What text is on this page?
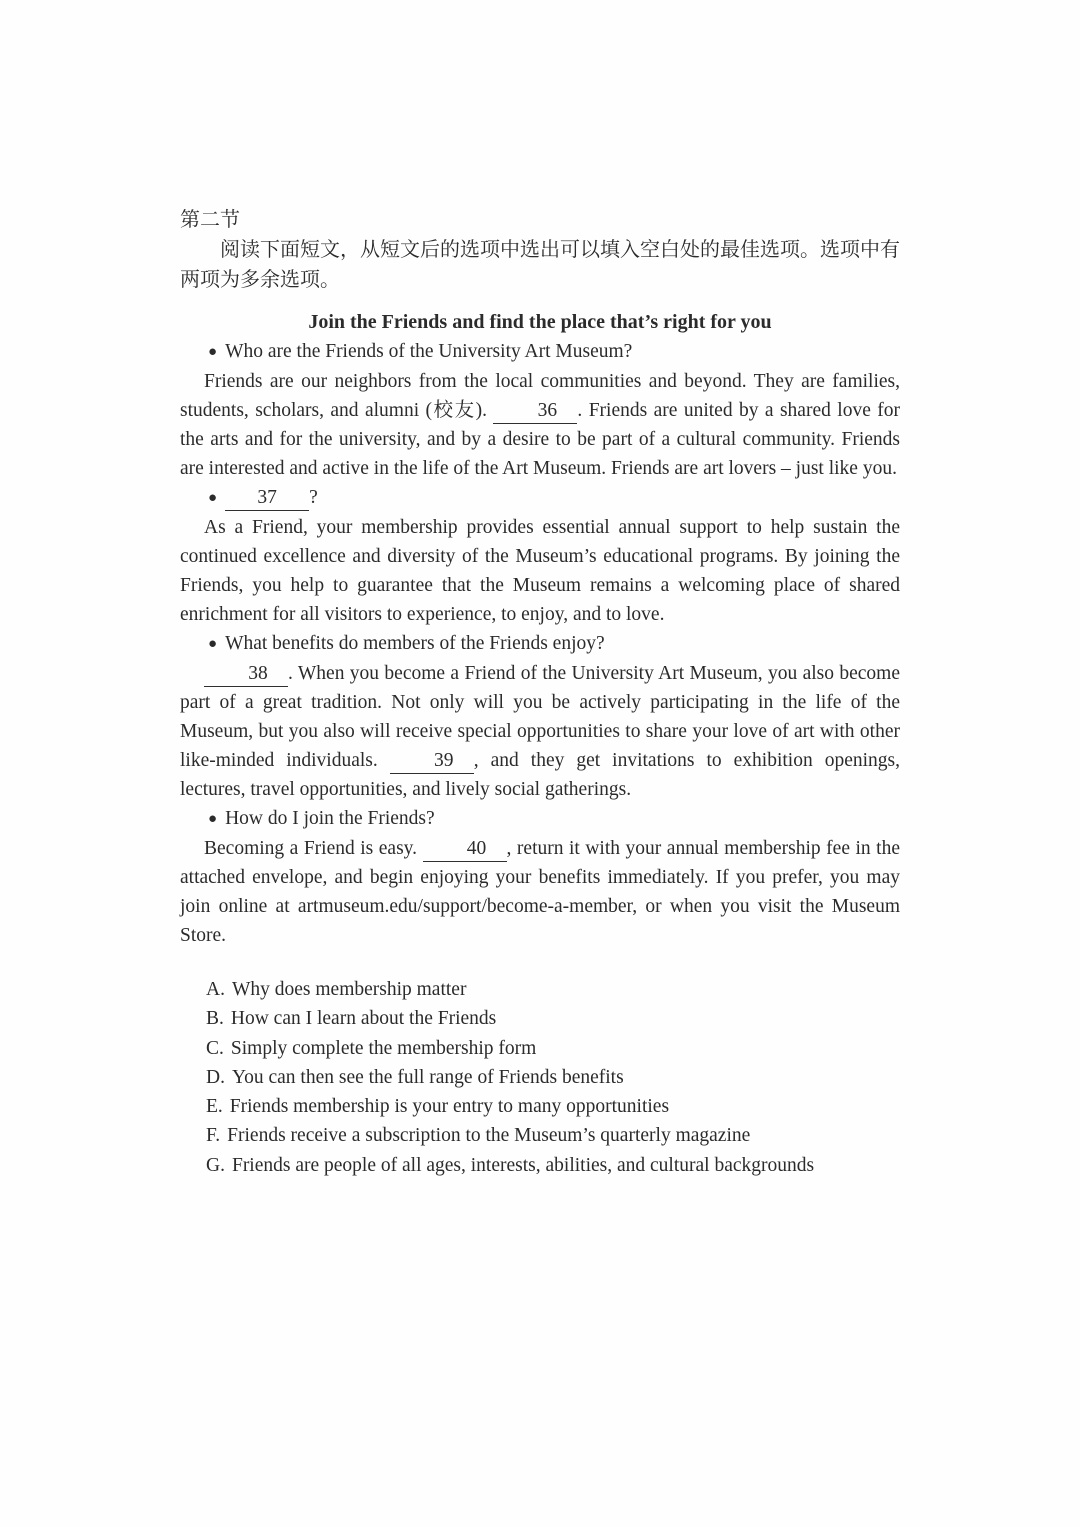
第二节

阅读下面短文，从短文后的选项中选出可以填入空白处的最佳选项。选项中有两项为多余选项。

Join the Friends and find the place that’s right for you

● Who are the Friends of the University Art Museum?

Friends are our neighbors from the local communities and beyond. They are families, students, scholars, and alumni (校友). 36 . Friends are united by a shared love for the arts and for the university, and by a desire to be part of a cultural community. Friends are interested and active in the life of the Art Museum. Friends are art lovers – just like you.

● 37 ?

As a Friend, your membership provides essential annual support to help sustain the continued excellence and diversity of the Museum’s educational programs. By joining the Friends, you help to guarantee that the Museum remains a welcoming place of shared enrichment for all visitors to experience, to enjoy, and to love.

● What benefits do members of the Friends enjoy?

38 . When you become a Friend of the University Art Museum, you also become part of a great tradition. Not only will you be actively participating in the life of the Museum, but you also will receive special opportunities to share your love of art with other like-minded individuals. 39 , and they get invitations to exhibition openings, lectures, travel opportunities, and lively social gatherings.

● How do I join the Friends?

Becoming a Friend is easy. 40 , return it with your annual membership fee in the attached envelope, and begin enjoying your benefits immediately. If you prefer, you may join online at artmuseum.edu/support/become-a-member, or when you visit the Museum Store.

A. Why does membership matter

B. How can I learn about the Friends

C. Simply complete the membership form

D. You can then see the full range of Friends benefits

E. Friends membership is your entry to many opportunities

F. Friends receive a subscription to the Museum’s quarterly magazine

G. Friends are people of all ages, interests, abilities, and cultural backgrounds
